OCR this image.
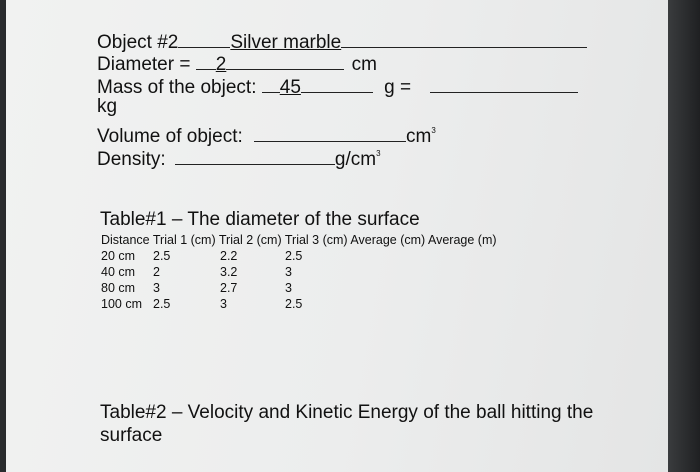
Object #2	Silver marble
Diameter = 2	cm
Mass of the object: 45	g =
kg
Volume of object:	$cm^3$
Density:	$g/cm^3$
Table#1 – The diameter of the surface
Distance Trial 1 (cm) Trial 2 (cm) Trial 3 (cm) Average (cm) Average (m)
20 cm 2.5	2.2	2.5
40 cm 2	3.2	3
80 cm 3	2.7	3
100 cm 2.5	3	2.5
Table#2 – Velocity and Kinetic Energy of the ball hitting the
surface
